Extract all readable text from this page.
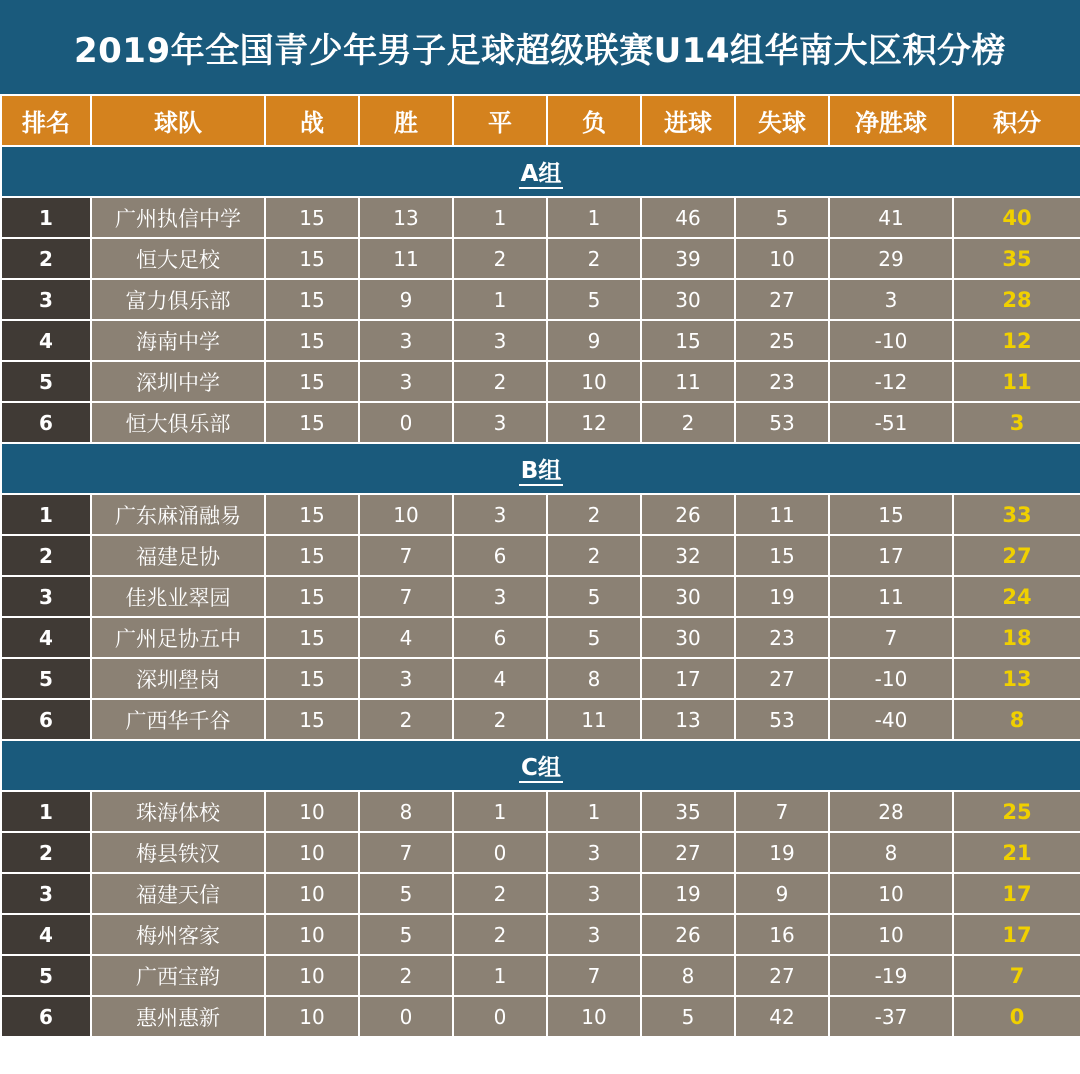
2019年全国青少年男子足球超级联赛U14组华南大区积分榜
排名	球队	战	胜	平	负	进球	失球	净胜球	积分
A组									
1	广州执信中学	15	13	1	1	46	5	41	40
2	恒大足校	15	11	2	2	39	10	29	35
3	富力俱乐部	15	9	1	5	30	27	3	28
4	海南中学	15	3	3	9	15	25	-10	12
5	深圳中学	15	3	2	10	11	23	-12	11
6	恒大俱乐部	15	0	3	12	2	53	-51	3
B组									
1	广东麻涌融易	15	10	3	2	26	11	15	33
2	福建足协	15	7	6	2	32	15	17	27
3	佳兆业翠园	15	7	3	5	30	19	11	24
4	广州足协五中	15	4	6	5	30	23	7	18
5	深圳壆岗	15	3	4	8	17	27	-10	13
6	广西华千谷	15	2	2	11	13	53	-40	8
C组									
1	珠海体校	10	8	1	1	35	7	28	25
2	梅县铁汉	10	7	0	3	27	19	8	21
3	福建天信	10	5	2	3	19	9	10	17
4	梅州客家	10	5	2	3	26	16	10	17
5	广西宝韵	10	2	1	7	8	27	-19	7
6	惠州惠新	10	0	0	10	5	42	-37	0
